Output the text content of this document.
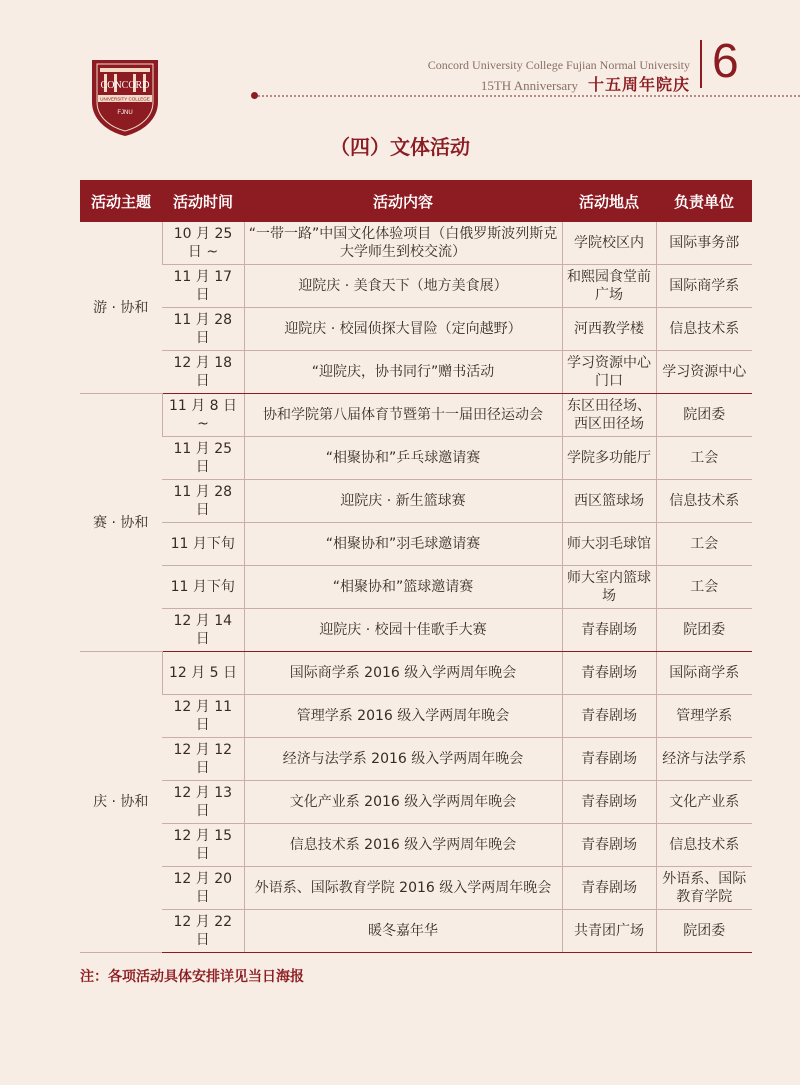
CONCORD
UNIVERSITY COLLEGE
FJNU
Concord University College Fujian Normal University
15TH Anniversary 十五周年院庆 6
（四）文体活动
活动主题	活动时间	活动内容	活动地点	负责单位
游 · 协和	10 月 25 日 ~	“一带一路”中国文化体验项目（白俄罗斯波列斯克大学师生到校交流）	学院校区内	国际事务部
	11 月 17 日	迎院庆 · 美食天下（地方美食展）	和熙园食堂前广场	国际商学系
	11 月 28 日	迎院庆 · 校园侦探大冒险（定向越野）	河西教学楼	信息技术系
	12 月 18 日	“迎院庆，协书同行”赠书活动	学习资源中心门口	学习资源中心
赛 · 协和	11 月 8 日 ~	协和学院第八届体育节暨第十一届田径运动会	东区田径场、西区田径场	院团委
	11 月 25 日	“相聚协和”乒乓球邀请赛	学院多功能厅	工会
	11 月 28 日	迎院庆 · 新生篮球赛	西区篮球场	信息技术系
	11 月下旬	“相聚协和”羽毛球邀请赛	师大羽毛球馆	工会
	11 月下旬	“相聚协和”篮球邀请赛	师大室内篮球场	工会
	12 月 14 日	迎院庆 · 校园十佳歌手大赛	青春剧场	院团委
庆 · 协和	12 月 5 日	国际商学系 2016 级入学两周年晚会	青春剧场	国际商学系
	12 月 11 日	管理学系 2016 级入学两周年晚会	青春剧场	管理学系
	12 月 12 日	经济与法学系 2016 级入学两周年晚会	青春剧场	经济与法学系
	12 月 13 日	文化产业系 2016 级入学两周年晚会	青春剧场	文化产业系
	12 月 15 日	信息技术系 2016 级入学两周年晚会	青春剧场	信息技术系
	12 月 20 日	外语系、国际教育学院 2016 级入学两周年晚会	青春剧场	外语系、国际教育学院
	12 月 22 日	暖冬嘉年华	共青团广场	院团委
注：各项活动具体安排详见当日海报
